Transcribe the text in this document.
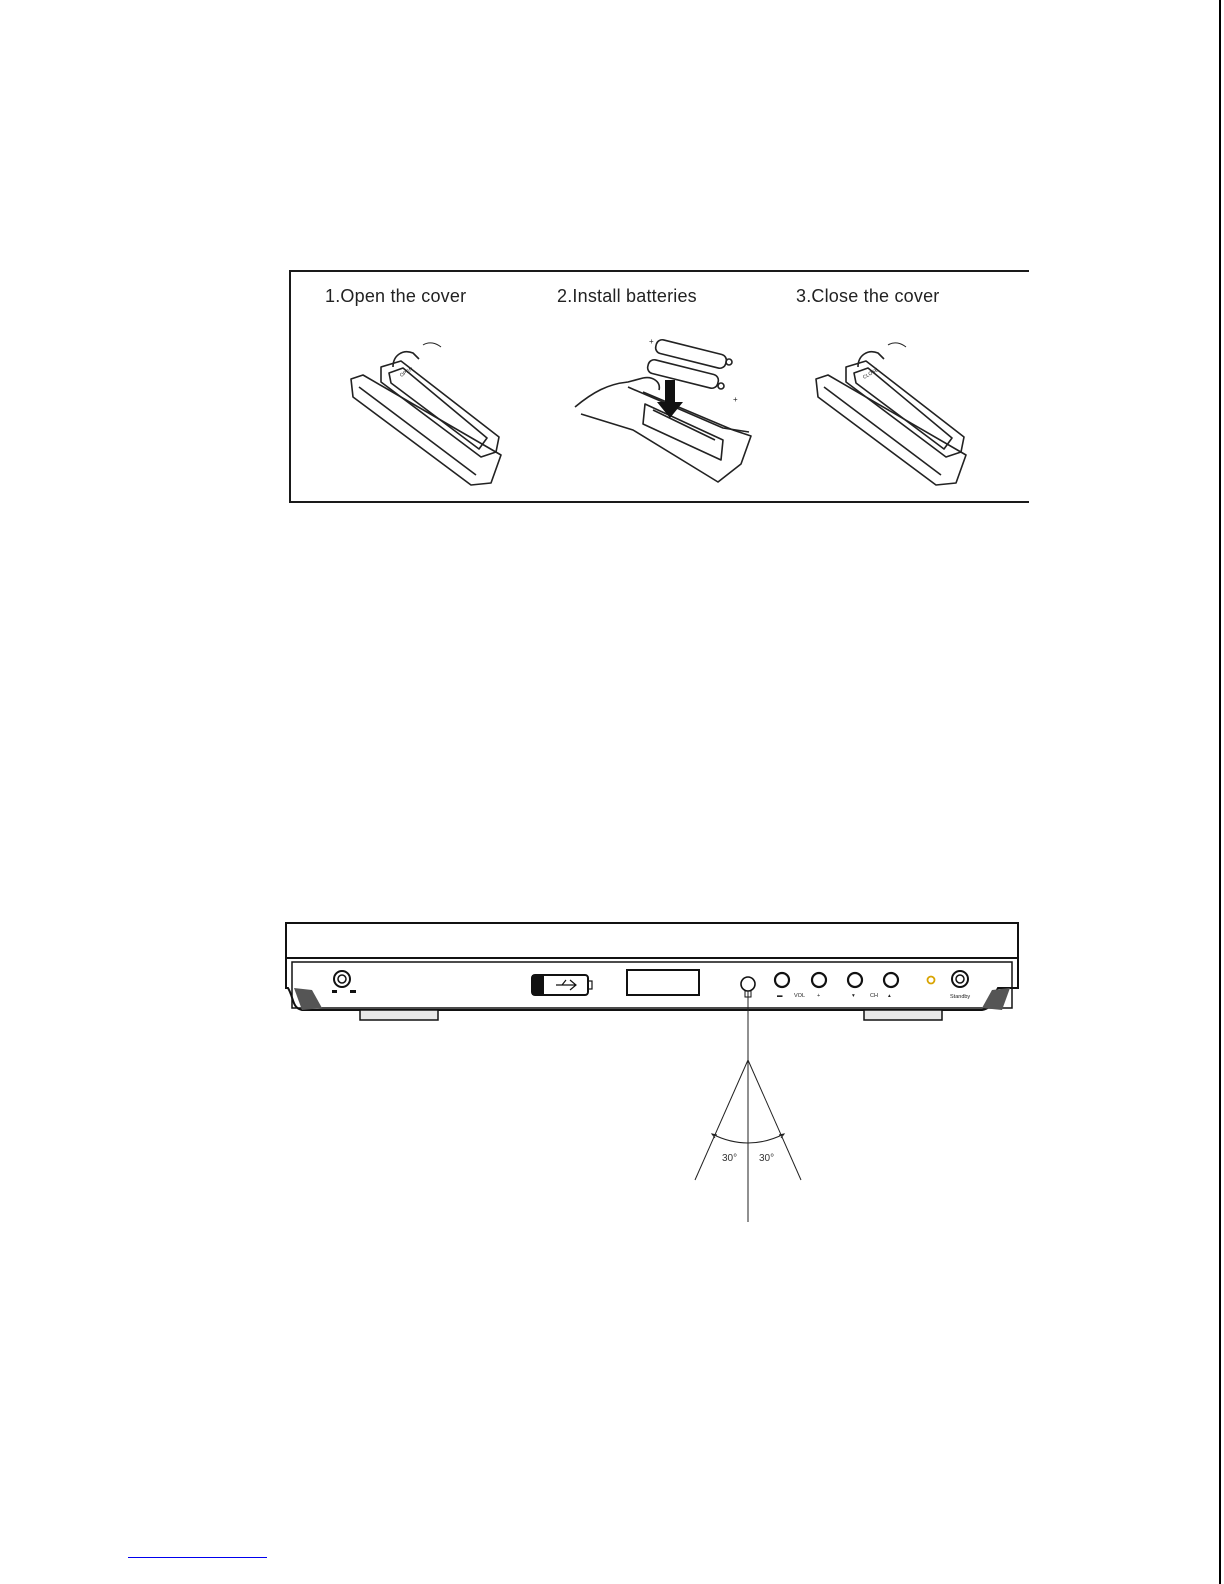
1.Open the cover	2.Install batteries	3.Close the cover
OPEN
+
+
CLOSE
▬ VOL +	▾	CH ▴	Standby
30° 30°
